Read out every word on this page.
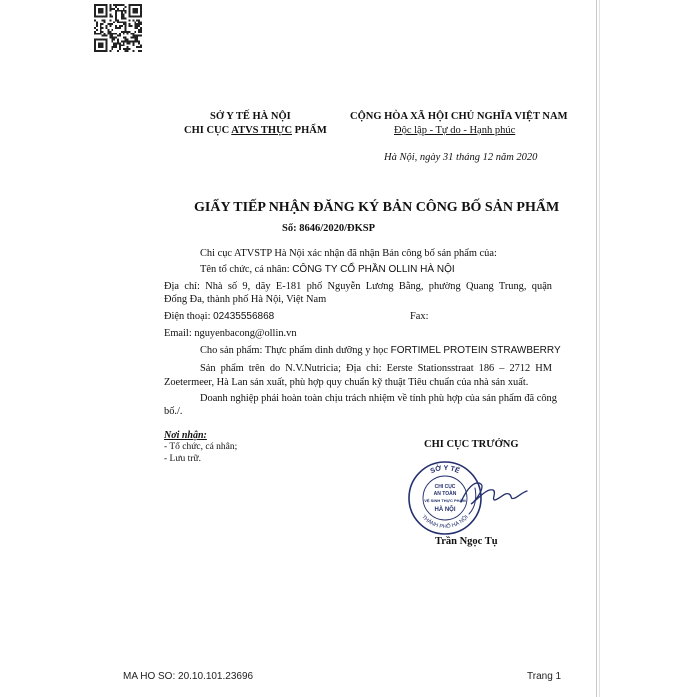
SỞ Y TẾ HÀ NỘI
CHI CỤC ATVS THỰC PHẨM
CỘNG HÒA XÃ HỘI CHỦ NGHĨA VIỆT NAM
Độc lập - Tự do - Hạnh phúc
Hà Nội, ngày 31 tháng 12 năm 2020
GIẤY TIẾP NHẬN ĐĂNG KÝ BẢN CÔNG BỐ SẢN PHẨM
Số: 8646/2020/ĐKSP
Chi cục ATVSTP Hà Nội xác nhận đã nhận Bản công bố sản phẩm của:
Tên tổ chức, cá nhân: CÔNG TY CỔ PHẦN OLLIN HÀ NỘI
Địa chỉ: Nhà số 9, dãy E-181 phố Nguyễn Lương Bằng, phường Quang Trung, quận
Đống Đa, thành phố Hà Nội, Việt Nam
Điện thoại: 02435556868	Fax:
Email: nguyenbacong@ollin.vn
Cho sản phẩm: Thực phẩm dinh dưỡng y học FORTIMEL PROTEIN STRAWBERRY
Sản phẩm trên do N.V.Nutricia; Địa chỉ: Eerste Stationsstraat 186 – 2712 HM
Zoetermeer, Hà Lan sản xuất, phù hợp quy chuẩn kỹ thuật Tiêu chuẩn của nhà sản xuất.
Doanh nghiệp phải hoàn toàn chịu trách nhiệm về tính phù hợp của sản phẩm đã công
bố./.
Nơi nhận:
- Tổ chức, cá nhân;
- Lưu trữ.
CHI CỤC TRƯỞNG
SỞ Y TẾ
THÀNH PHỐ HÀ NỘI
CHI CỤC
AN TOÀN
VỆ SINH THỰC PHẨM
HÀ NỘI
Trần Ngọc Tụ
MA HO SO: 20.10.101.23696	Trang 1
